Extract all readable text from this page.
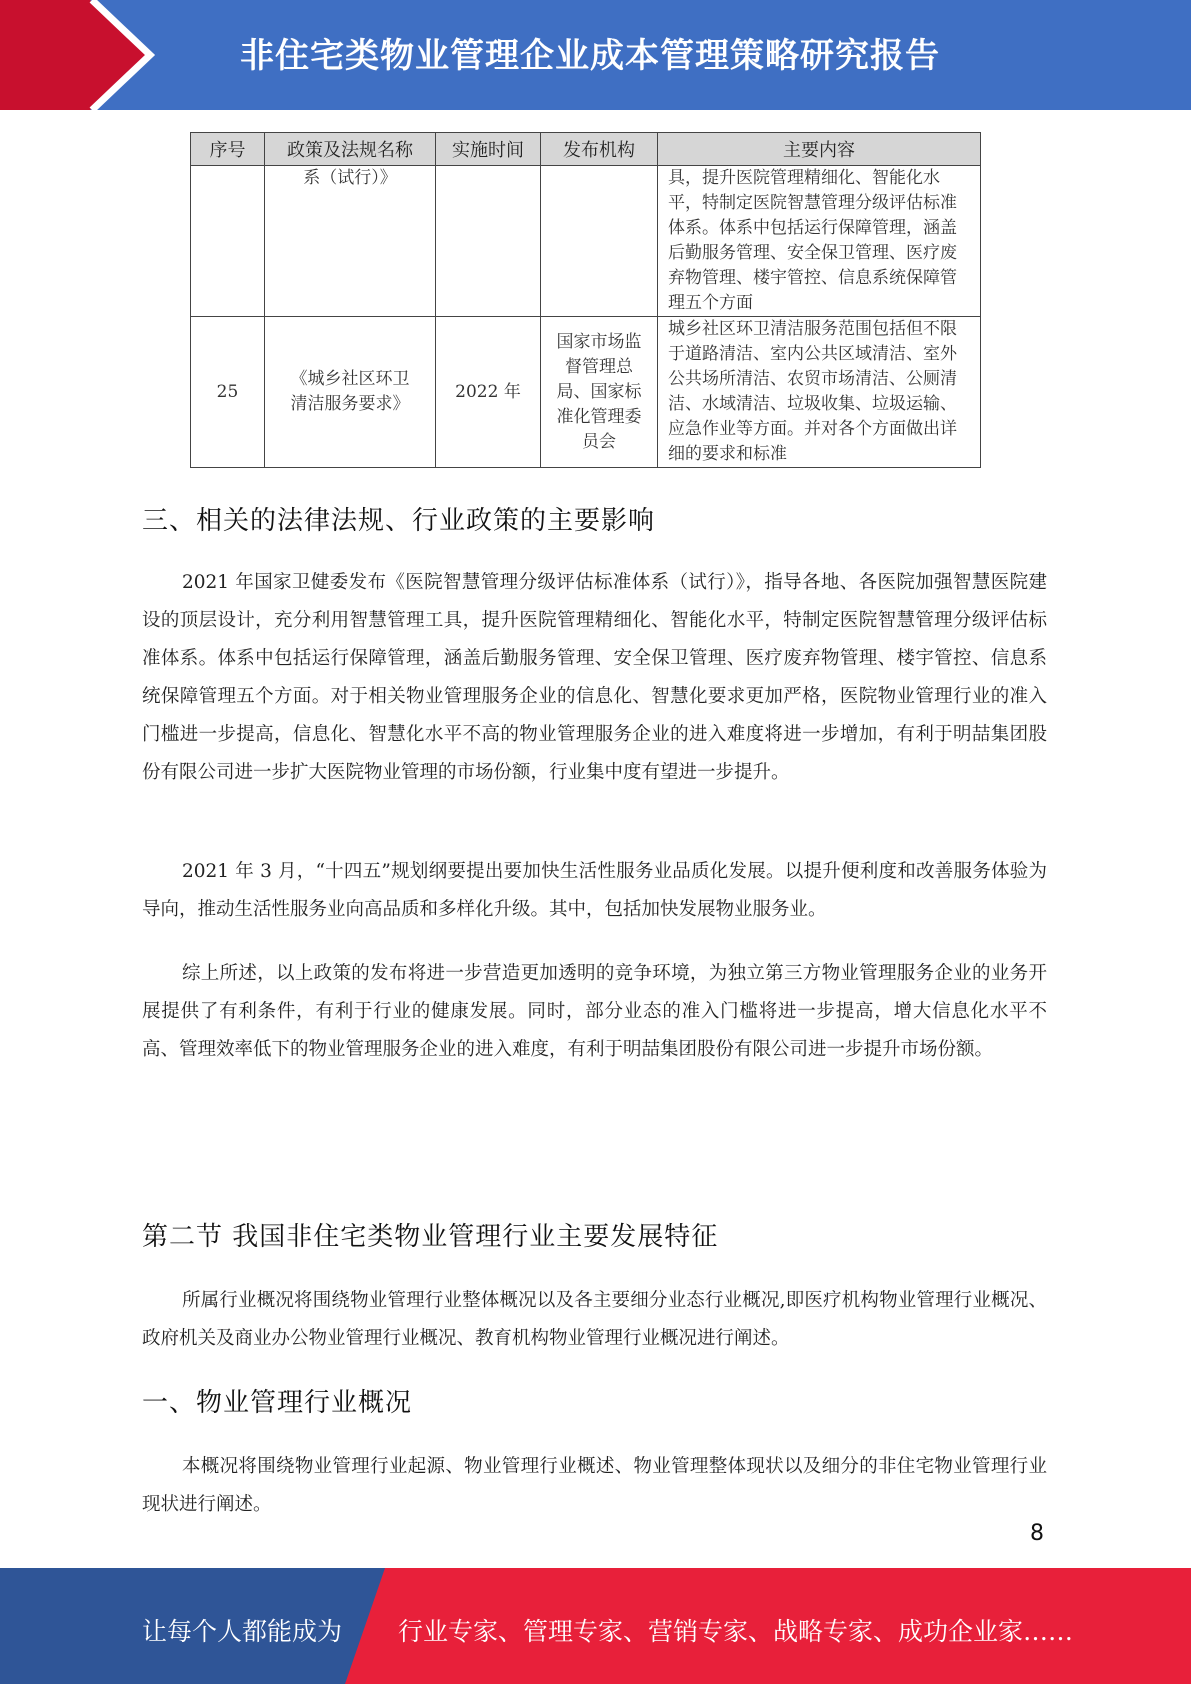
非住宅类物业管理企业成本管理策略研究报告
序号	政策及法规名称	实施时间	发布机构	主要内容
	系（试行）》			具，提升医院管理精细化、智能化水平，特制定医院智慧管理分级评估标准体系。体系中包括运行保障管理，涵盖后勤服务管理、安全保卫管理、医疗废弃物管理、楼宇管控、信息系统保障管理五个方面

25	《城乡社区环卫清洁服务要求》	2022 年	国家市场监督管理总局、国家标准化管理委员会	城乡社区环卫清洁服务范围包括但不限于道路清洁、室内公共区域清洁、室外公共场所清洁、农贸市场清洁、公厕清洁、水域清洁、垃圾收集、垃圾运输、应急作业等方面。并对各个方面做出详细的要求和标准
三、相关的法律法规、行业政策的主要影响
2021 年国家卫健委发布《医院智慧管理分级评估标准体系（试行）》，指导各地、各医院加强智慧医院建设的顶层设计，充分利用智慧管理工具，提升医院管理精细化、智能化水平，特制定医院智慧管理分级评估标准体系。体系中包括运行保障管理，涵盖后勤服务管理、安全保卫管理、医疗废弃物管理、楼宇管控、信息系统保障管理五个方面。对于相关物业管理服务企业的信息化、智慧化要求更加严格，医院物业管理行业的准入门槛进一步提高，信息化、智慧化水平不高的物业管理服务企业的进入难度将进一步增加，有利于明喆集团股份有限公司进一步扩大医院物业管理的市场份额，行业集中度有望进一步提升。
2021 年 3 月，“十四五”规划纲要提出要加快生活性服务业品质化发展。以提升便利度和改善服务体验为导向，推动生活性服务业向高品质和多样化升级。其中，包括加快发展物业服务业。
综上所述，以上政策的发布将进一步营造更加透明的竞争环境，为独立第三方物业管理服务企业的业务开展提供了有利条件，有利于行业的健康发展。同时，部分业态的准入门槛将进一步提高，增大信息化水平不高、管理效率低下的物业管理服务企业的进入难度，有利于明喆集团股份有限公司进一步提升市场份额。
第二节 我国非住宅类物业管理行业主要发展特征
所属行业概况将围绕物业管理行业整体概况以及各主要细分业态行业概况,即医疗机构物业管理行业概况、政府机关及商业办公物业管理行业概况、教育机构物业管理行业概况进行阐述。
一、物业管理行业概况
本概况将围绕物业管理行业起源、物业管理行业概述、物业管理整体现状以及细分的非住宅物业管理行业现状进行阐述。
8
让每个人都能成为 行业专家、管理专家、营销专家、战略专家、成功企业家……
